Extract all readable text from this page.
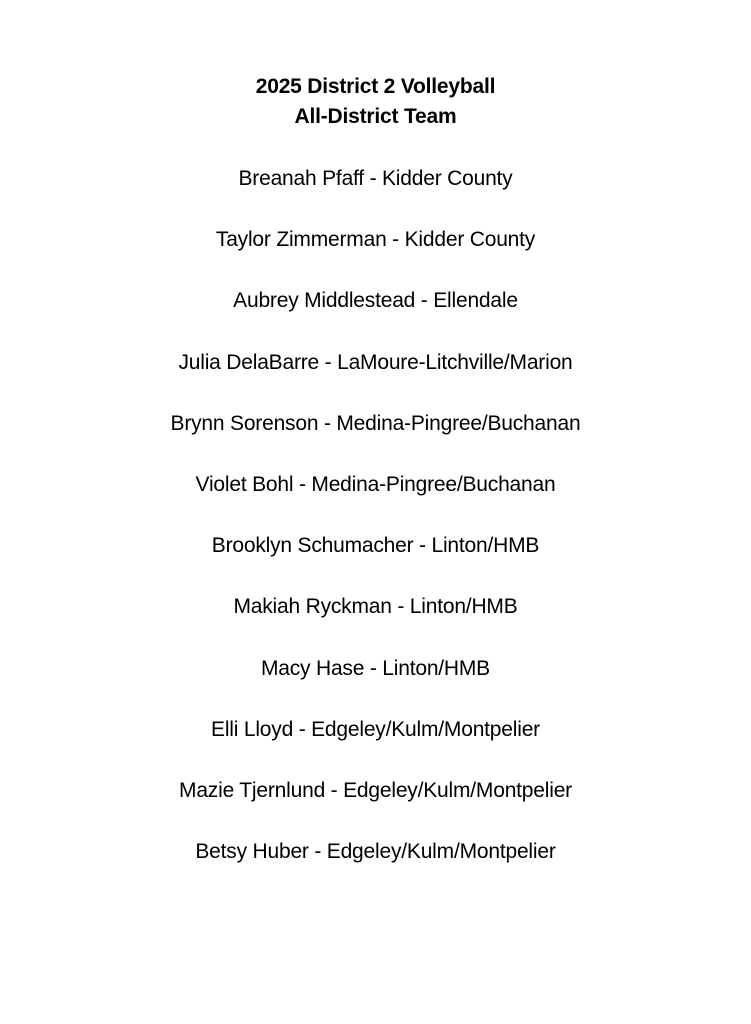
2025 District 2 Volleyball

All-District Team

Breanah Pfaff - Kidder County
Taylor Zimmerman - Kidder County
Aubrey Middlestead - Ellendale
Julia DelaBarre - LaMoure-Litchville/Marion
Brynn Sorenson - Medina-Pingree/Buchanan
Violet Bohl - Medina-Pingree/Buchanan
Brooklyn Schumacher - Linton/HMB
Makiah Ryckman - Linton/HMB
Macy Hase - Linton/HMB
Elli Lloyd - Edgeley/Kulm/Montpelier
Mazie Tjernlund - Edgeley/Kulm/Montpelier
Betsy Huber - Edgeley/Kulm/Montpelier
